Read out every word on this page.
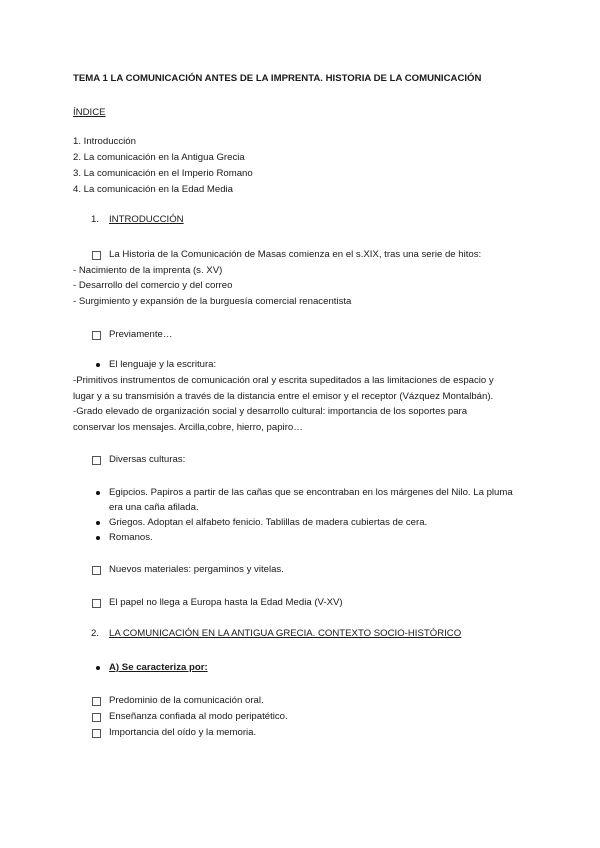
TEMA 1 LA COMUNICACIÓN ANTES DE LA IMPRENTA. HISTORIA DE LA COMUNICACIÓN
ÍNDICE
1. Introducción
2. La comunicación en la Antigua Grecia
3. La comunicación en el Imperio Romano
4. La comunicación en la Edad Media
1. INTRODUCCIÓN
La Historia de la Comunicación de Masas comienza en el s.XIX, tras una serie de hitos:
- Nacimiento de la imprenta (s. XV)
- Desarrollo del comercio y del correo
- Surgimiento y expansión de la burguesía comercial renacentista
Previamente…
El lenguaje y la escritura:
-Primitivos instrumentos de comunicación oral y escrita supeditados a las limitaciones de espacio y
lugar y a su transmisión a través de la distancia entre el emisor y el receptor (Vázquez Montalbán).
-Grado elevado de organización social y desarrollo cultural: importancia de los soportes para
conservar los mensajes. Arcilla,cobre, hierro, papiro…
Diversas culturas:
Egipcios. Papiros a partir de las cañas que se encontraban en los márgenes del Nilo. La pluma
era una caña afilada.
Griegos. Adoptan el alfabeto fenicio. Tablillas de madera cubiertas de cera.
Romanos.
Nuevos materiales: pergaminos y vitelas.
El papel no llega a Europa hasta la Edad Media (V-XV)
2. LA COMUNICACIÓN EN LA ANTIGUA GRECIA. CONTEXTO SOCIO-HISTÓRICO
A) Se caracteriza por:
Predominio de la comunicación oral.
Enseñanza confiada al modo peripatético.
Importancia del oído y la memoria.
